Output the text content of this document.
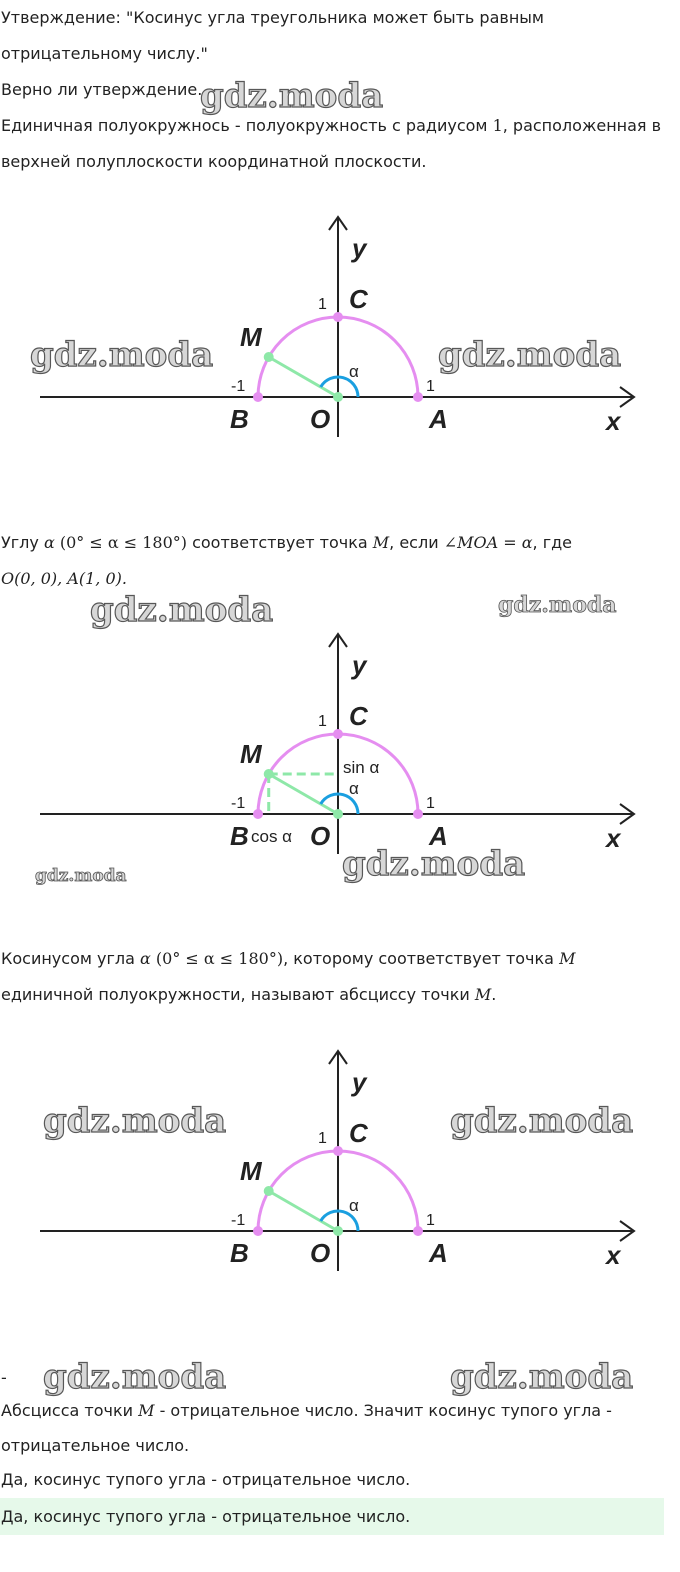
Утверждение: "Косинус угла треугольника может быть равным
отрицательному числу."
Верно ли утверждение.
Единичная полуокружнось - полуокружность с радиусом 1, расположенная в
верхней полуплоскости координатной плоскости.
Углу α (0° ≤ α ≤ 180°) соответствует точка M, если ∠MOA = α, где
O(0, 0), A(1, 0).
Косинусом угла α (0° ≤ α ≤ 180°), которому соответствует точка M
единичной полуокружности, называют абсциссу точки M.
-
Абсцисса точки M - отрицательное число. Значит косинус тупого угла -
отрицательное число.
Да, косинус тупого угла - отрицательное число.
Да, косинус тупого угла - отрицательное число.
y
x
C
M
B O	A
1
-1	1
α
y
x
C
M
B O	A
1
-1	1
α
sin α
cos α
y
x
C
M
B O	A
1
-1	1
α
gdz.moda
gdz.moda	gdz.moda
gdz.moda	gdz.moda
gdz.moda
gdz.moda
gdz.moda	gdz.moda
gdz.moda	gdz.moda
